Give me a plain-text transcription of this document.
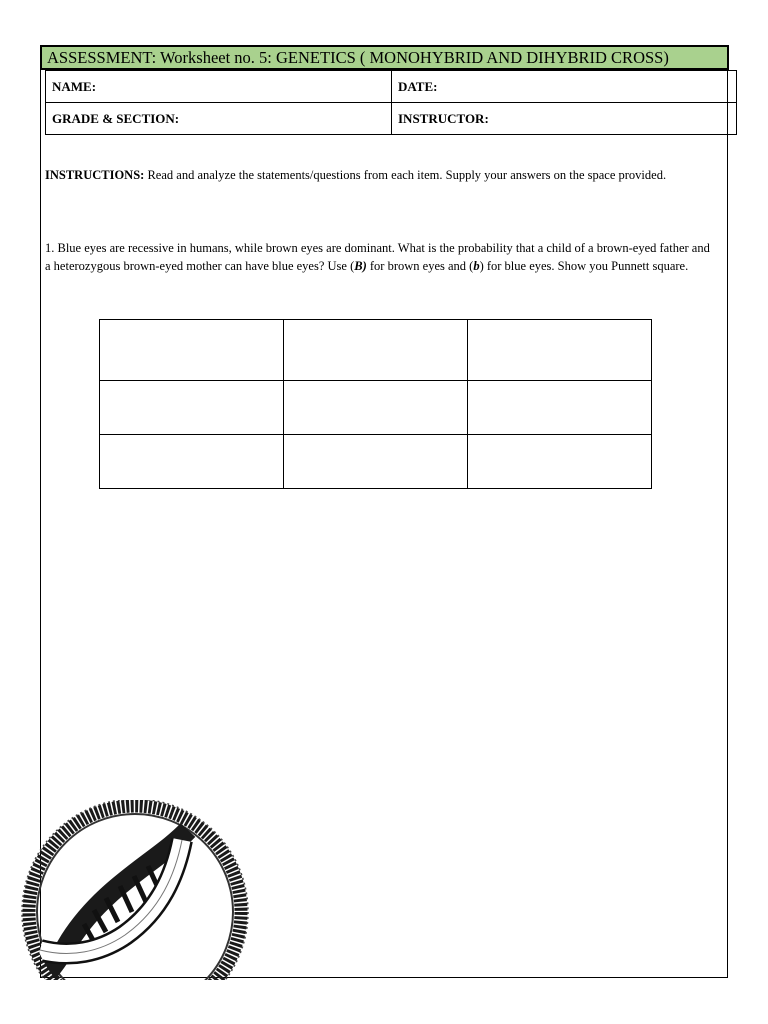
ASSESSMENT: Worksheet no. 5: GENETICS ( MONOHYBRID AND DIHYBRID CROSS)
NAME:	DATE:
GRADE & SECTION:	INSTRUCTOR:
INSTRUCTIONS: Read and analyze the statements/questions from each item. Supply your answers on the space provided.
1. Blue eyes are recessive in humans, while brown eyes are dominant. What is the probability that a child of a brown-eyed father and a heterozygous brown-eyed mother can have blue eyes? Use (B) for brown eyes and (b) for blue eyes. Show you Punnett square.
